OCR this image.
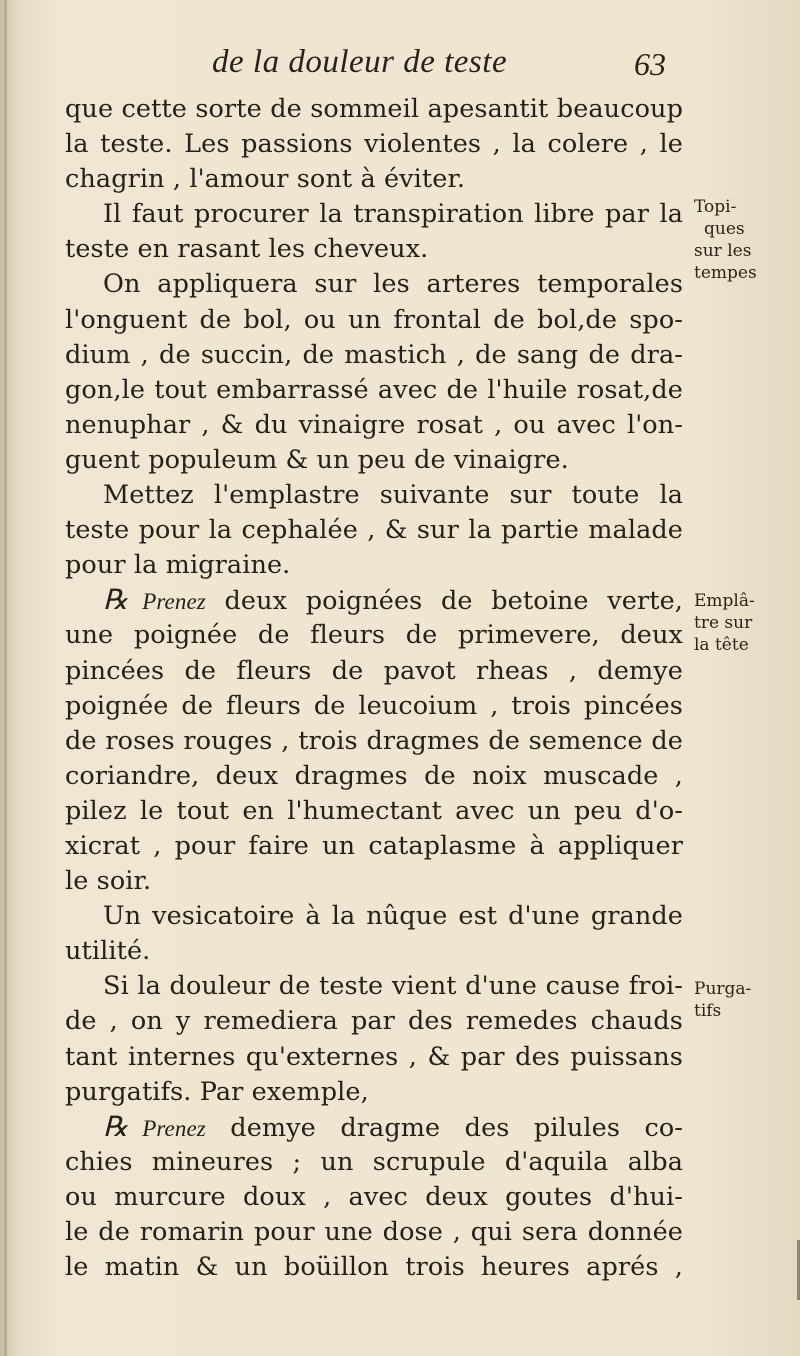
de la douleur de teste	63
que cette sorte de sommeil apesantit beaucoup
la teste. Les passions violentes , la colere , le
chagrin , l'amour sont à éviter.
Il faut procurer la transpiration libre par la
teste en rasant les cheveux.
On appliquera sur les arteres temporales
l'onguent de bol, ou un frontal de bol,de spo-
dium , de succin, de mastich , de sang de dra-
gon,le tout embarrassé avec de l'huile rosat,de
nenuphar , & du vinaigre rosat , ou avec l'on-
guent populeum & un peu de vinaigre.
Mettez l'emplastre suivante sur toute la
teste pour la cephalée , & sur la partie malade
pour la migraine.
℞ Prenez deux poignées de betoine verte,
une poignée de fleurs de primevere, deux
pincées de fleurs de pavot rheas , demye
poignée de fleurs de leucoium , trois pincées
de roses rouges , trois dragmes de semence de
coriandre, deux dragmes de noix muscade ,
pilez le tout en l'humectant avec un peu d'o-
xicrat , pour faire un cataplasme à appliquer
le soir.
Un vesicatoire à la nûque est d'une grande
utilité.
Si la douleur de teste vient d'une cause froi-
de , on y remediera par des remedes chauds
tant internes qu'externes , & par des puissans
purgatifs. Par exemple,
℞ Prenez demye dragme des pilules co-
chies mineures ; un scrupule d'aquila alba
ou murcure doux , avec deux goutes d'hui-
le de romarin pour une dose , qui sera donnée
le matin & un boüillon trois heures aprés ,
Topi-
ques
sur les
tempes
Emplâ-
tre sur
la tête
Purga-
tifs
